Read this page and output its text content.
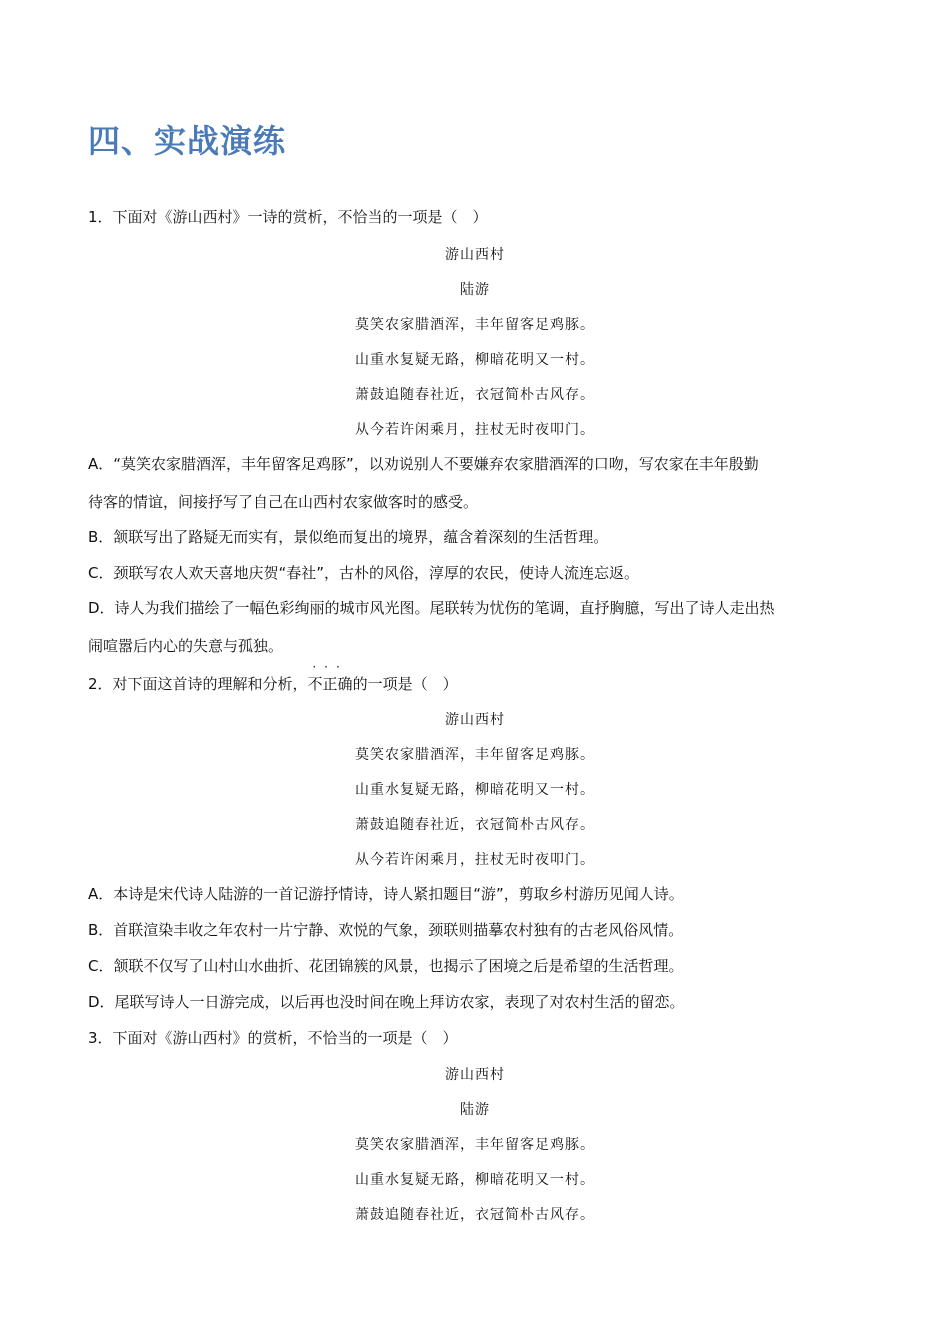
四、实战演练
1．下面对《游山西村》一诗的赏析，不恰当的一项是（　）
游山西村
陆游
莫笑农家腊酒浑，丰年留客足鸡豚。
山重水复疑无路，柳暗花明又一村。
萧鼓追随春社近，衣冠简朴古风存。
从今若许闲乘月，拄杖无时夜叩门。
A．“莫笑农家腊酒浑，丰年留客足鸡豚”，以劝说别人不要嫌弃农家腊酒浑的口吻，写农家在丰年殷勤
待客的情谊，间接抒写了自己在山西村农家做客时的感受。
B．颔联写出了路疑无而实有，景似绝而复出的境界，蕴含着深刻的生活哲理。
C．颈联写农人欢天喜地庆贺“春社”，古朴的风俗，淳厚的农民，使诗人流连忘返。
D．诗人为我们描绘了一幅色彩绚丽的城市风光图。尾联转为忧伤的笔调，直抒胸臆，写出了诗人走出热
闹喧嚣后内心的失意与孤独。
2．对下面这首诗的理解和分析，
···
不正确的一项是（　）
游山西村
莫笑农家腊酒浑，丰年留客足鸡豚。
山重水复疑无路，柳暗花明又一村。
萧鼓追随春社近，衣冠简朴古风存。
从今若许闲乘月，拄杖无时夜叩门。
A．本诗是宋代诗人陆游的一首记游抒情诗，诗人紧扣题目“游”，剪取乡村游历见闻人诗。
B．首联渲染丰收之年农村一片宁静、欢悦的气象，颈联则描摹农村独有的古老风俗风情。
C．颔联不仅写了山村山水曲折、花团锦簇的风景，也揭示了困境之后是希望的生活哲理。
D．尾联写诗人一日游完成，以后再也没时间在晚上拜访农家，表现了对农村生活的留恋。
3．下面对《游山西村》的赏析，不恰当的一项是（　）
游山西村
陆游
莫笑农家腊酒浑，丰年留客足鸡豚。
山重水复疑无路，柳暗花明又一村。
萧鼓追随春社近，衣冠简朴古风存。
